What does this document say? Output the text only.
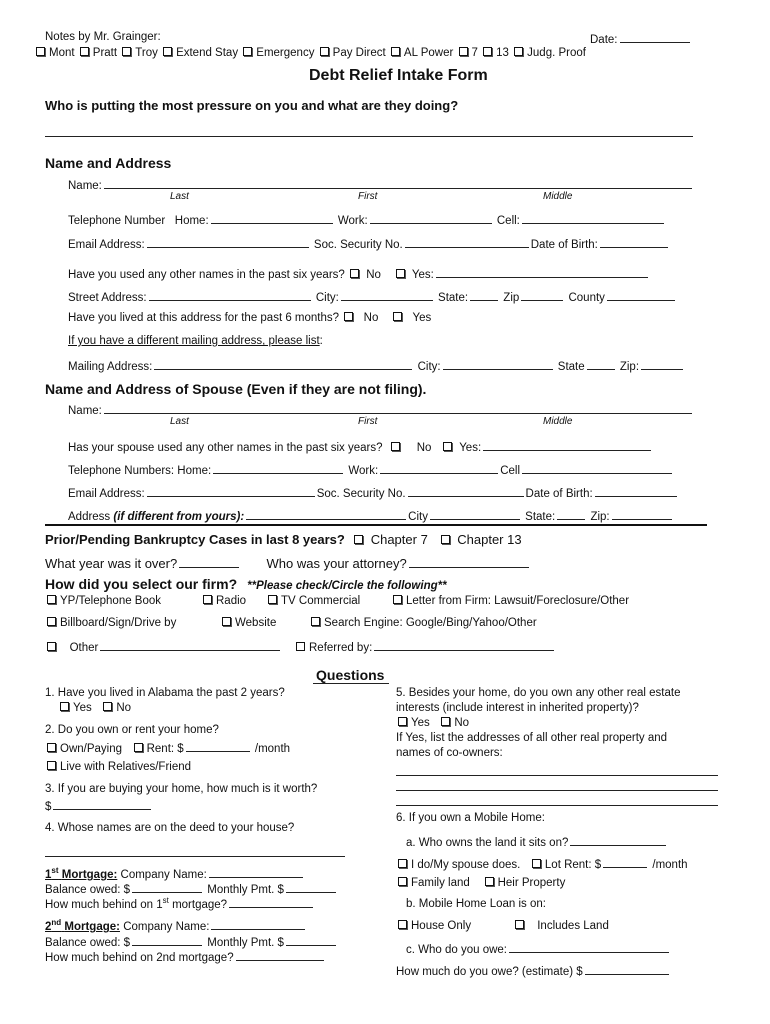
Notes by Mr. Grainger:	Date:
Mont Pratt Troy Extend Stay Emergency Pay Direct AL Power 7 13 Judg. Proof
Debt Relief Intake Form
Who is putting the most pressure on you and what are they doing?
Name and Address
Name:
Last	First	Middle
Telephone Number Home:	Work:	Cell:
Email Address:	Soc. Security No.	Date of Birth:
Have you used any other names in the past six years? No	Yes:
Street Address:	City:	State:	Zip	County
Have you lived at this address for the past 6 months? No	Yes
If you have a different mailing address, please list:
Mailing Address:	City:	State	Zip:
Name and Address of Spouse (Even if they are not filing).
Name:
Last	First	Middle
Has your spouse used any other names in the past six years?	No Yes:
Telephone Numbers: Home:	Work:	Cell
Email Address:	Soc. Security No.	Date of Birth:
Address (if different from yours):	City	State:	Zip:
Prior/Pending Bankruptcy Cases in last 8 years? Chapter 7 Chapter 13
What year was it over?	Who was your attorney?
How did you select our firm? **Please check/Circle the following**
YP/Telephone Book	Radio	TV Commercial	Letter from Firm: Lawsuit/Foreclosure/Other
Billboard/Sign/Drive by	Website	Search Engine: Google/Bing/Yahoo/Other
Other	Referred by:
Questions
1. Have you lived in Alabama the past 2 years?
Yes No
2. Do you own or rent your home?
Own/Paying Rent: $	/month
Live with Relatives/Friend
3. If you are buying your home, how much is it worth?
$
4. Whose names are on the deed to your house?
1st Mortgage: Company Name:
Balance owed: $	Monthly Pmt. $
How much behind on 1st mortgage?
2nd Mortgage: Company Name:
Balance owed: $	Monthly Pmt. $
How much behind on 2nd mortgage?
5. Besides your home, do you own any other real estate
interests (include interest in inherited property)?
Yes No
If Yes, list the addresses of all other real property and
names of co-owners:
6. If you own a Mobile Home:
a. Who owns the land it sits on?
I do/My spouse does. Lot Rent: $	/month
Family land Heir Property
b. Mobile Home Loan is on:
House Only	Includes Land
c. Who do you owe:
How much do you owe? (estimate) $
